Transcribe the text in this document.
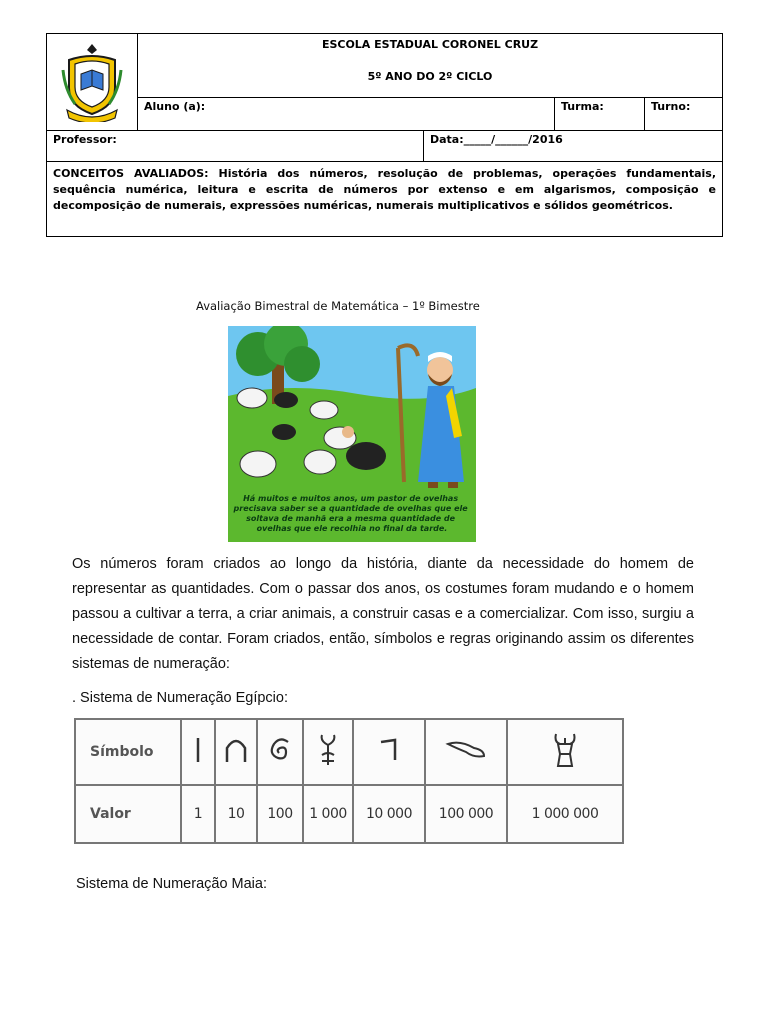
ESCOLA ESTADUAL CORONEL CRUZ
5º ANO DO 2º CICLO			

	Aluno (a):		Turma:	Turno:
Professor:		Data:_____/______/2016		
CONCEITOS AVALIADOS: História dos números, resolução de problemas, operações fundamentais, sequência numérica, leitura e escrita de números por extenso e em algarismos, composição e decomposição de numerais, expressões numéricas, numerais multiplicativos e sólidos geométricos.				
Avaliação Bimestral de Matemática – 1º Bimestre
Há muitos e muitos anos, um pastor de ovelhas precisava saber se a quantidade de ovelhas que ele soltava de manhã era a mesma quantidade de ovelhas que ele recolhia no final da tarde.

Os números foram criados ao longo da história, diante da necessidade do homem de representar as quantidades. Com o passar dos anos, os costumes foram mudando e o homem passou a cultivar a terra, a criar animais, a construir casas e a comercializar. Com isso, surgiu a necessidade de contar. Foram criados, então, símbolos e regras originando assim os diferentes sistemas de numeração:

. Sistema de Numeração Egípcio:
Símbolo							
Valor	1	10	100	1 000	10 000	100 000	1 000 000
Sistema de Numeração Maia:
